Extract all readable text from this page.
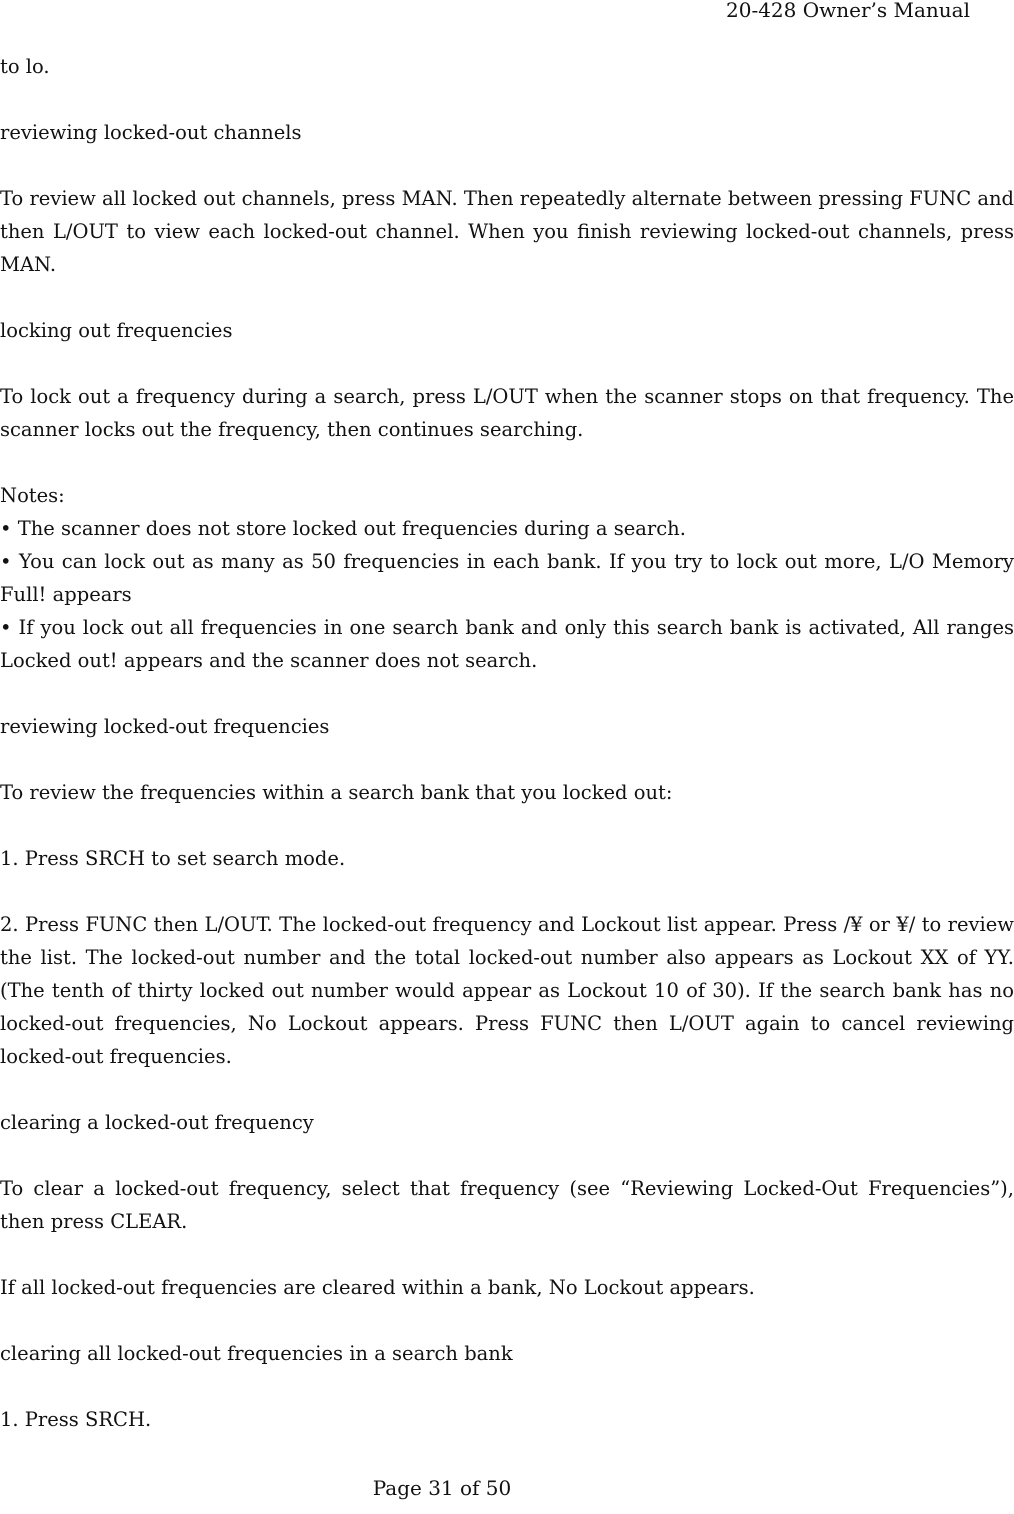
20-428 Owner’s Manual

to lo.

reviewing locked-out channels

To review all locked out channels, press MAN. Then repeatedly alternate between pressing FUNC and then L/OUT to view each locked-out channel. When you finish reviewing locked-out channels, press MAN.

locking out frequencies

To lock out a frequency during a search, press L/OUT when the scanner stops on that frequency. The scanner locks out the frequency, then continues searching.

Notes:

• The scanner does not store locked out frequencies during a search.

• You can lock out as many as 50 frequencies in each bank. If you try to lock out more, L/O Memory Full! appears

• If you lock out all frequencies in one search bank and only this search bank is activated, All ranges Locked out! appears and the scanner does not search.

reviewing locked-out frequencies

To review the frequencies within a search bank that you locked out:

1. Press SRCH to set search mode.

2. Press FUNC then L/OUT. The locked-out frequency and Lockout list appear. Press /¥ or ¥/ to review the list. The locked-out number and the total locked-out number also appears as Lockout XX of YY. (The tenth of thirty locked out number would appear as Lockout 10 of 30). If the search bank has no locked-out frequencies, No Lockout appears. Press FUNC then L/OUT again to cancel reviewing locked-out frequencies.

clearing a locked-out frequency

To clear a locked-out frequency, select that frequency (see “Reviewing Locked-Out Frequencies”), then press CLEAR.

If all locked-out frequencies are cleared within a bank, No Lockout appears.

clearing all locked-out frequencies in a search bank

1. Press SRCH.

Page 31 of 50
